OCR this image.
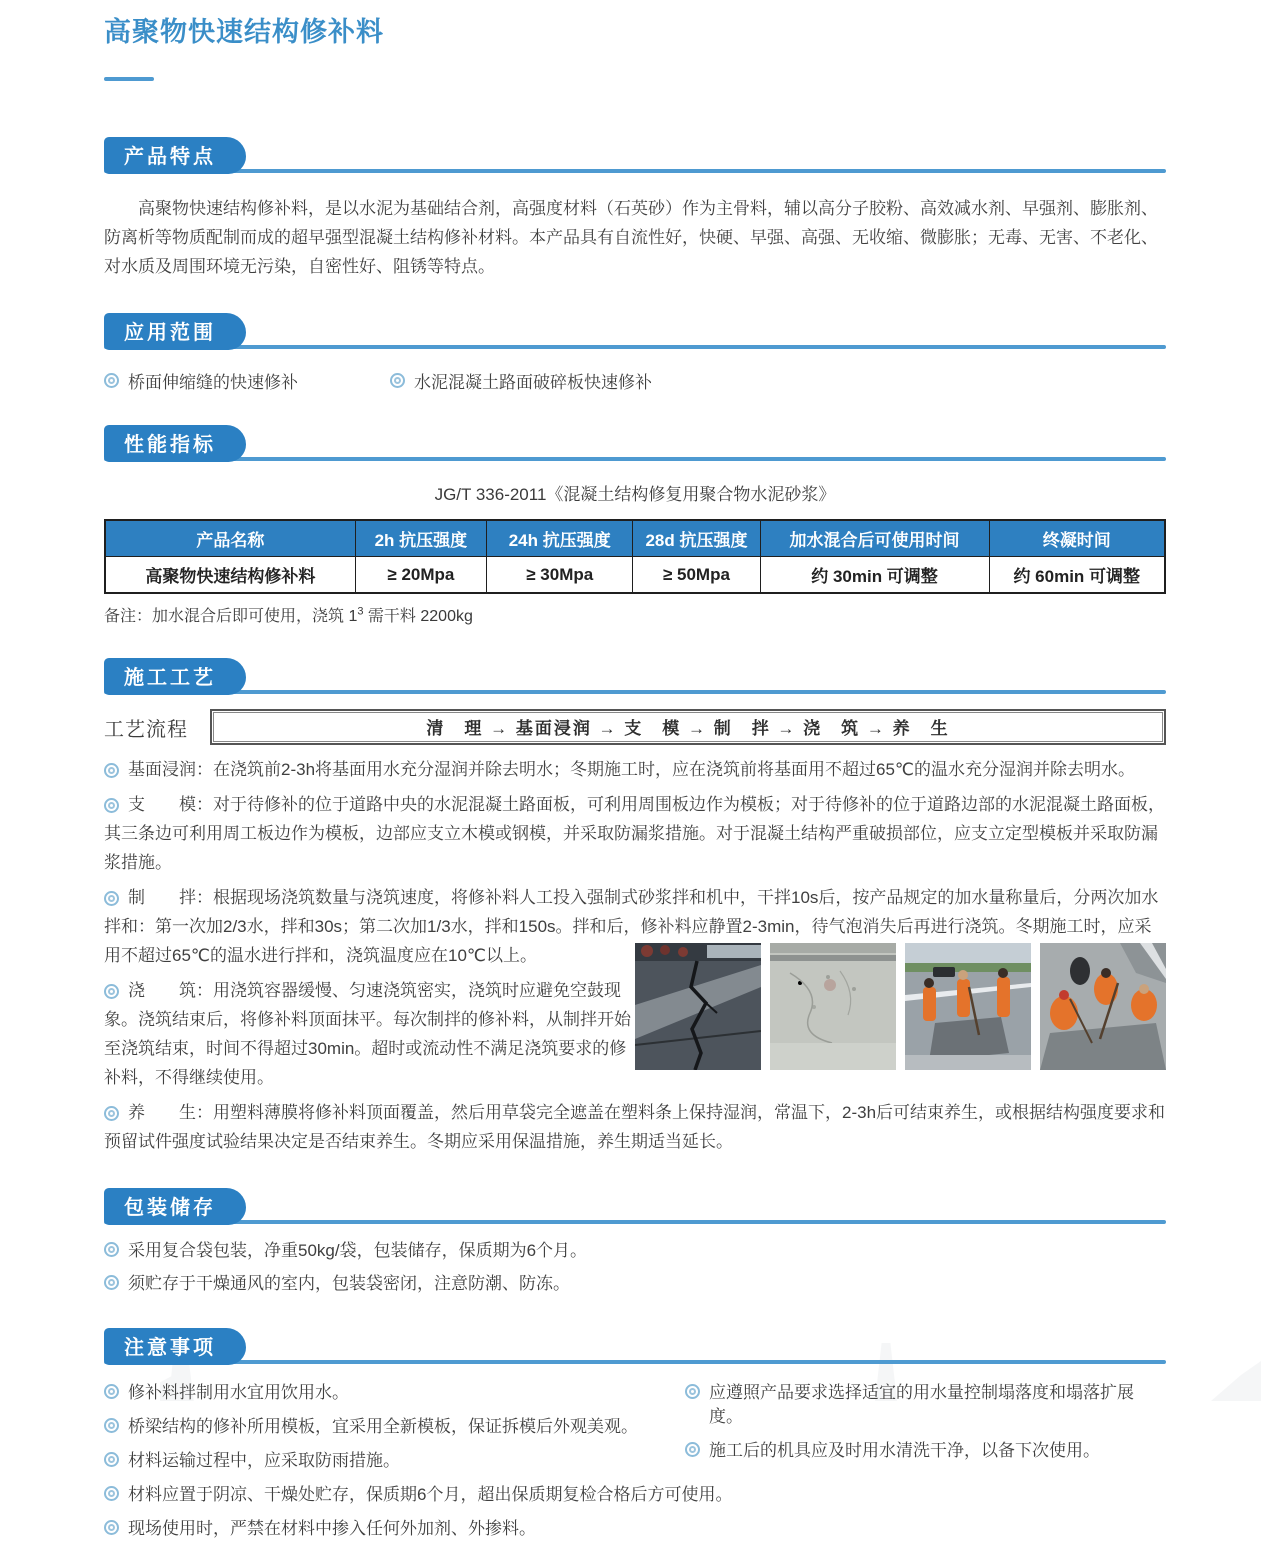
高聚物快速结构修补料
产品特点

高聚物快速结构修补料，是以水泥为基础结合剂，高强度材料（石英砂）作为主骨料，辅以高分子胶粉、高效减水剂、早强剂、膨胀剂、防离析等物质配制而成的超早强型混凝土结构修补材料。本产品具有自流性好，快硬、早强、高强、无收缩、微膨胀；无毒、无害、不老化、对水质及周围环境无污染，自密性好、阻锈等特点。

应用范围
桥面伸缩缝的快速修补	水泥混凝土路面破碎板快速修补
性能指标
JG/T 336-2011《混凝土结构修复用聚合物水泥砂浆》
产品名称	2h 抗压强度	24h 抗压强度	28d 抗压强度	加水混合后可使用时间	终凝时间
高聚物快速结构修补料	≥ 20Mpa	≥ 30Mpa	≥ 50Mpa	约 30min 可调整	约 60min 可调整
备注：加水混合后即可使用，浇筑 $1^3$ 需干料 2200kg
施工工艺
工艺流程	清　理 → 基面浸润 → 支　模 → 制　拌 → 浇　筑 → 养　生

基面浸润：在浇筑前2-3h将基面用水充分湿润并除去明水；冬期施工时，应在浇筑前将基面用不超过65℃的温水充分湿润并除去明水。

支　　模：对于待修补的位于道路中央的水泥混凝土路面板，可利用周围板边作为模板；对于待修补的位于道路边部的水泥混凝土路面板，其三条边可利用周工板边作为模板，边部应支立木模或钢模，并采取防漏浆措施。对于混凝土结构严重破损部位，应支立定型模板并采取防漏浆措施。

制　　拌：根据现场浇筑数量与浇筑速度，将修补料人工投入强制式砂浆拌和机中，干拌10s后，按产品规定的加水量称量后，分两次加水拌和：第一次加2/3水，拌和30s；第二次加1/3水，拌和150s。拌和后，修补料应静置2-3min，待气泡消失后再进行浇筑。冬期施工时，应采用不超过65℃的温水进行拌和，浇筑温度应在10℃以上。

浇　　筑：用浇筑容器缓慢、匀速浇筑密实，浇筑时应避免空鼓现象。浇筑结束后，将修补料顶面抹平。每次制拌的修补料，从制拌开始至浇筑结束，时间不得超过30min。超时或流动性不满足浇筑要求的修补料，不得继续使用。

养　　生：用塑料薄膜将修补料顶面覆盖，然后用草袋完全遮盖在塑料条上保持湿润，常温下，2-3h后可结束养生，或根据结构强度要求和预留试件强度试验结果决定是否结束养生。冬期应采用保温措施，养生期适当延长。

包装储存
采用复合袋包装，净重50kg/袋，包装储存，保质期为6个月。
须贮存于干燥通风的室内，包装袋密闭，注意防潮、防冻。
注意事项
修补料拌制用水宜用饮用水。
桥梁结构的修补所用模板，宜采用全新模板，保证拆模后外观美观。
材料运输过程中，应采取防雨措施。
应遵照产品要求选择适宜的用水量控制塌落度和塌落扩展度。
施工后的机具应及时用水清洗干净，以备下次使用。
材料应置于阴凉、干燥处贮存，保质期6个月，超出保质期复检合格后方可使用。
现场使用时，严禁在材料中掺入任何外加剂、外掺料。
